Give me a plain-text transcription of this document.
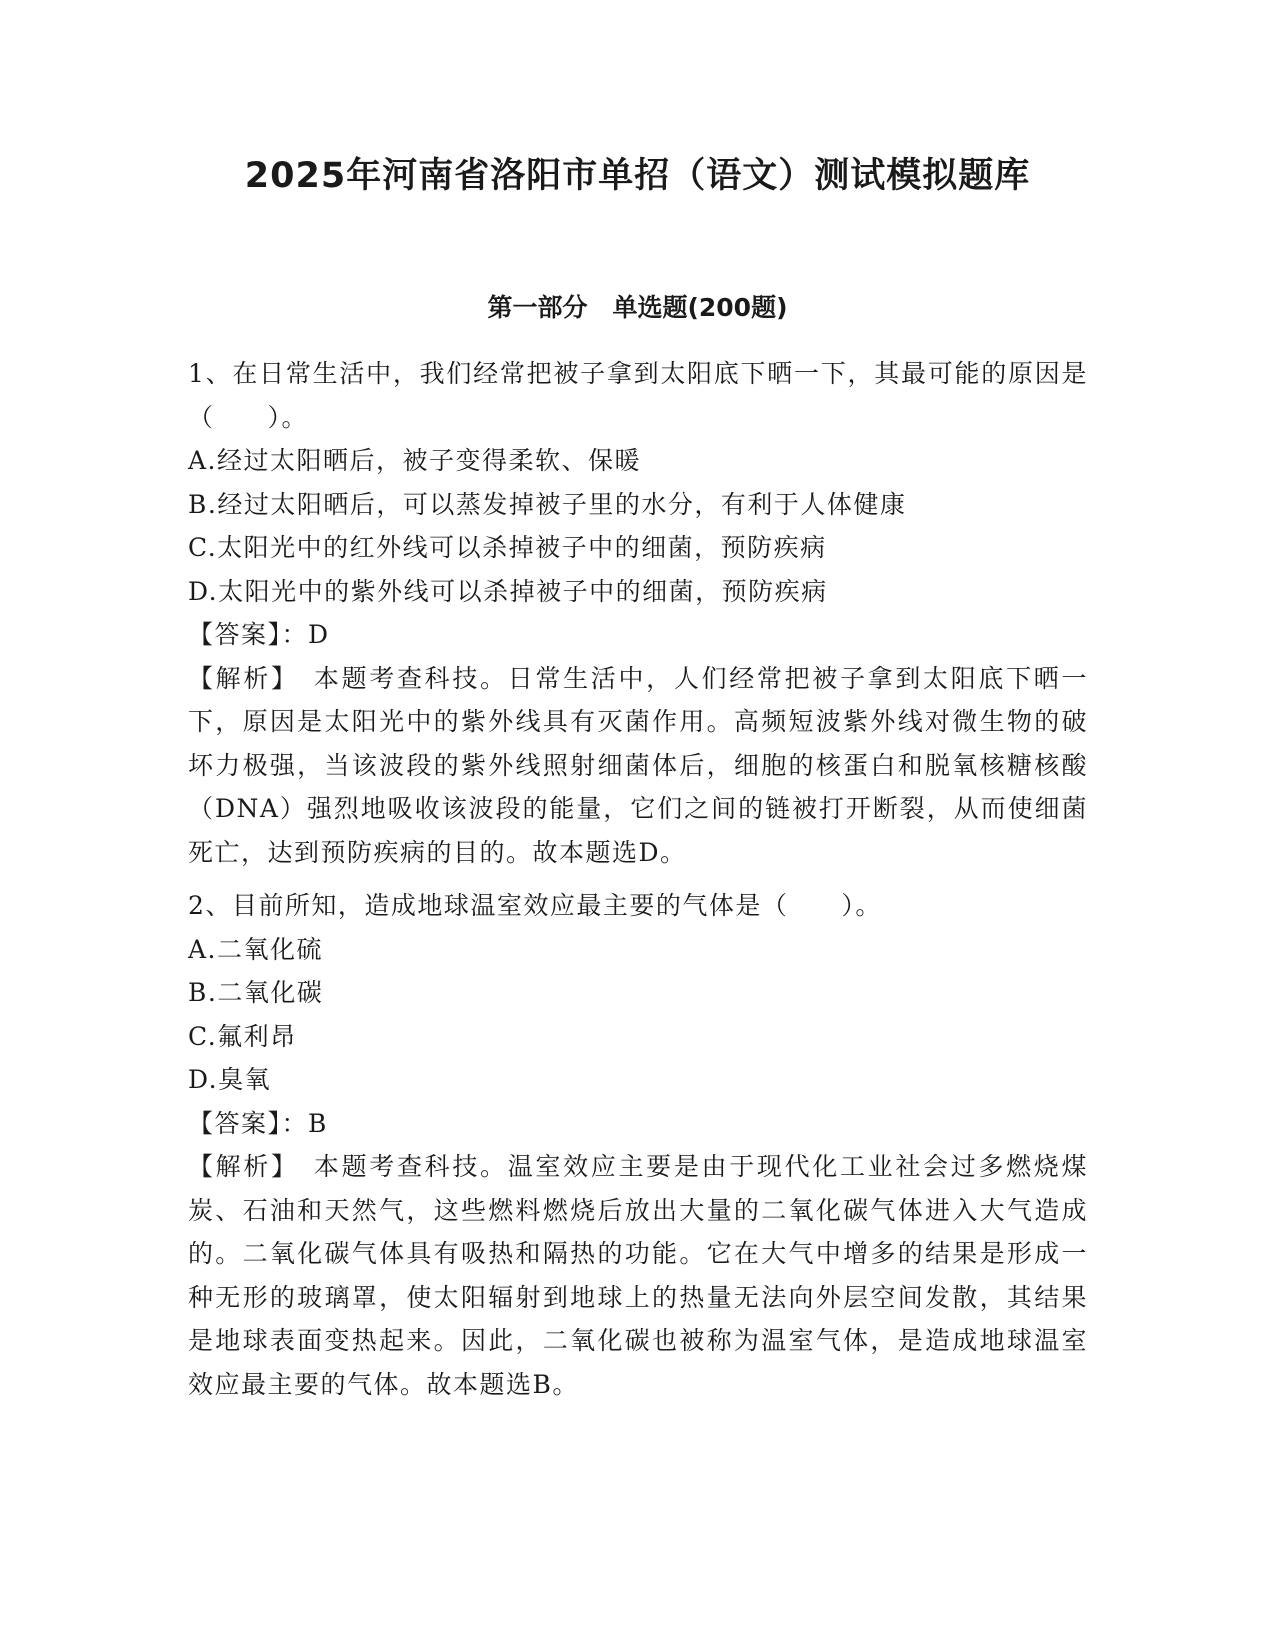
2025年河南省洛阳市单招（语文）测试模拟题库
第一部分　单选题(200题)

1、在日常生活中，我们经常把被子拿到太阳底下晒一下，其最可能的原因是（　　）。

A.经过太阳晒后，被子变得柔软、保暖

B.经过太阳晒后，可以蒸发掉被子里的水分，有利于人体健康

C.太阳光中的红外线可以杀掉被子中的细菌，预防疾病

D.太阳光中的紫外线可以杀掉被子中的细菌，预防疾病

【答案】：D

【解析】　本题考查科技。日常生活中，人们经常把被子拿到太阳底下晒一下，原因是太阳光中的紫外线具有灭菌作用。高频短波紫外线对微生物的破坏力极强，当该波段的紫外线照射细菌体后，细胞的核蛋白和脱氧核糖核酸（DNA）强烈地吸收该波段的能量，它们之间的链被打开断裂，从而使细菌死亡，达到预防疾病的目的。故本题选D。

2、目前所知，造成地球温室效应最主要的气体是（　　）。

A.二氧化硫

B.二氧化碳

C.氟利昂

D.臭氧

【答案】：B

【解析】　本题考查科技。温室效应主要是由于现代化工业社会过多燃烧煤炭、石油和天然气，这些燃料燃烧后放出大量的二氧化碳气体进入大气造成的。二氧化碳气体具有吸热和隔热的功能。它在大气中增多的结果是形成一种无形的玻璃罩，使太阳辐射到地球上的热量无法向外层空间发散，其结果是地球表面变热起来。因此，二氧化碳也被称为温室气体，是造成地球温室效应最主要的气体。故本题选B。
